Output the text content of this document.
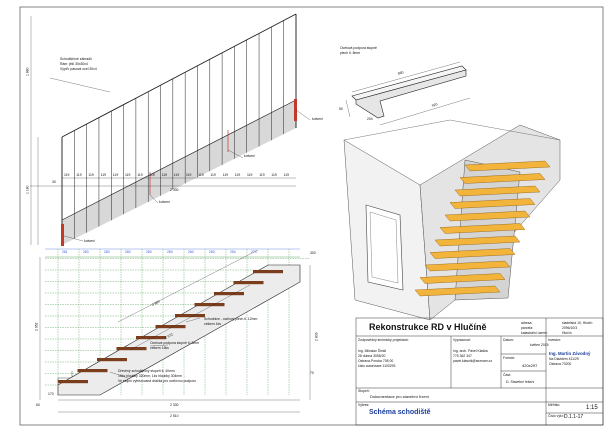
Schodišťové zábradlí
Rám: jekl 30x30x4
Výplň: pásová ocel 30x4
kotvení
kotvení
kotvení
kotvení
1 880
1 180
30
2 330
119 119 119 119 119 119 119 119 119 119 119 119 119 119 119 119 119 119 119
Ocelová podpora stupně
plech tl. 8mm
880
920
50
204
261	260	260	260	260	260	260	260	254	274	300
70
2 952
2 806
2 880
2 972
170
2 330
2 510
60
Schodnice - ocelový plech tl. 12mm
celkem 4ks
Ocelová podpora stupně tl. 8mm
celkem 16ks
Dřevěný schodišťový stupeň tl. 40mm
16ks hloubky 320mm, 1ks hloubky 304mm
Ve stupni vyfrézovaná drážka pro ocelovou podporu
Rekonstrukce RD v Hlučíně	adresa:	sladelská 10, Hlučín
parcela:	2096/10/3
katastrální území:	Hlučín
Zodpovědný technický projektant:
Ing. Miloslav Šimkl
28 dubna 3055/20
Ostrava-Poruba 708 00
číslo autorizace 1100293
Vypracoval:
Ing. arch. Pavel Klaška
775 362 347
pavel.klasnik@seznam.cz
Datum:
květen 2015
Formát:
420x297
Část:
D- Stavební řešení
Investor:
Ing. Martin Závodný
Na Dlaždém 411/29
Ostrava 70200
Stupeň:
Dokumentace pro stavební řízení
Výkres:
Schéma schodiště
Měřítko:	1:15
Číslo výkr.: D.1.1-17
